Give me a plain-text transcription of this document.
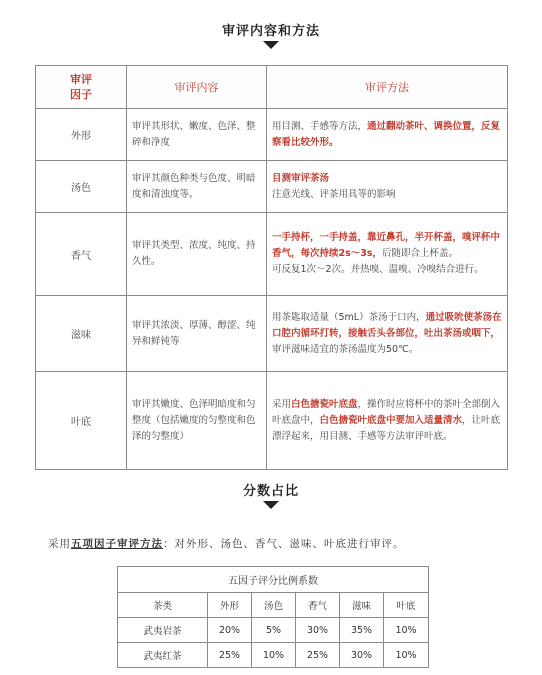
审评内容和方法
审评
因子	审评内容	审评方法
外形	审评其形状、嫩度、色泽、整碎和净度	用目测、手感等方法，通过翻动茶叶、调换位置，反复察看比较外形。
汤色	审评其颜色种类与色度、明暗度和清浊度等。	目测审评茶汤
注意光线、评茶用具等的影响
香气	审评其类型、浓度、纯度、持久性。	一手持杯，一手持盖，靠近鼻孔，半开杯盖，嗅评杯中香气，每次持续2s～3s，后随即合上杯盖。
可反复1次～2次。并热嗅、温嗅、冷嗅结合进行。
滋味	审评其浓淡、厚薄、醇涩、纯异和鲜钝等	用茶匙取适量（5mL）茶汤于口内，通过吸吮使茶汤在口腔内循环打转，接触舌头各部位，吐出茶汤或咽下，审评滋味适宜的茶汤温度为50℃。
叶底	审评其嫩度、色泽明暗度和匀整度（包括嫩度的匀整度和色泽的匀整度）	采用白色搪瓷叶底盘，操作时应将杯中的茶叶全部倒入叶底盘中，白色搪瓷叶底盘中要加入适量清水，让叶底漂浮起来，用目测、手感等方法审评叶底。
分数占比
采用五项因子审评方法：对外形、汤色、香气、滋味、叶底进行审评。
五因子评分比例系数					
茶类	外形	汤色	香气	滋味	叶底
武夷岩茶	20%	5%	30%	35%	10%
武夷红茶	25%	10%	25%	30%	10%
